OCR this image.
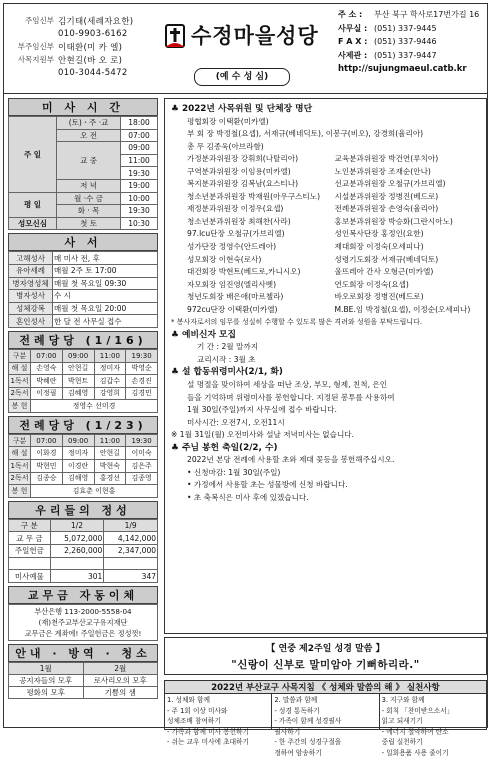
주임신부 김기태(세례자요한)
010-9903-6162
부주임신부 이태환(미 카 엘)
사목지원부 안현길(바 오 로)
010-3044-5472
수정마을성당
(예 수 성 심)
주 소 :	부산 북구 학사로17번가길 16
사무실 : (051) 337-9445
F A X : (051) 337-9446
사제관 : (051) 337-9447
http://sujungmaeul.catb.kr
미 사 시 간
주 일	(토)ㆍ주 ·교	18:00
	오 전	07:00
	교 중	09:00
		11:00
		19:30
	저 녁	19:00
평 일	월 ·수 금	10:00
	화 · 목	19:30
성모신심	첫 토	10:30
사 서
고해성사	매 미사 전, 후
유아세례	매월 2주 토 17:00
병자영성체	매월 첫 목요일 09:30
병자성사	수 시
성체강복	매월 첫 목요일 20:00
혼인성사	한 달 전 사무실 접수
전례당당 (1/16)
구분	07:00	09:00	11:00	19:30
해 설	손영숙	안현길	정미자	박영순
1독서	박혜란	박현트	김갑수	손경진
2독서	이정필	김혜영	강영희	김경민
봉 헌	정영수 선미경			
전례당당 (1/23)
구분	07:00	09:00	11:00	19:30
해 설	이화경	정미자	안현길	이미숙
1독서	박현민	이경란	박현숙	김은주
2독서	김종승	김해영	홍경선	김종영
봉 헌	김효춘 이현홍			
우리들의 정성
구 분	1/2	1/9
교 무 금	5,072,000	4,142,000
주일헌금	2,260,000	2,347,000

미사예물	301	347
교무금 자동이체
부산은행 113-2000-5558-04
(재)천주교부산교구유지재단
교무금은 계좌에! 주일헌금은 정성껏!
안내 · 방역 · 청소
1월	2월
공지자들의 모후	로사리오의 모후
평화의 모후	기쁨의 샘
♣ 2022년 사목위원 및 단체장 명단
평협회장 이택환(미카엘)
부 회 장 박정철(요셉), 서재규(베네딕토), 이봉구(비오), 강경희(율리아)
총 무 김종욱(아브라함)
가정분과위원장 강휘희(나탈리아)	교육분과위원장 박건연(루치아)
구역분과위원장 이임용(미카엘)	노인분과위원장 조재순(안나)
복지분과위원장 김복남(요스티나)	선교분과위원장 오철규(가브리엘)
청소년분과위원장 박재원(아우구스티노)	시설분과위원장 정병진(베드로)
재정분과위원장 이정우(요셉)	전례분과위원장 손영숙(율리아)
청소년분과위원장 최해찬(사라)	홍보분과위원장 박승화(그란시아노)
97.lcu단장 오철규(가브리엘)	성인복사단장 홍정인(요한)
성가단장 정영수(안드레아)	제대회장 이정숙(오세피나)
성모회장 이현숙(로사)	성령기도회장 서재규(베네딕토)
대건회장 박현트(베드로,카니시오)	울뜨레아 간사 오형근(미카엘)
자모회장 임진영(엘리사벳)	연도회장 이정숙(요셉)
청년도회장 배은애(마르첼라)	바오로회장 정병진(베드로)
972cu단장 이택환(미카엘)	M.BE.임 박정철(요셉), 이정순(오세피나)
* 봉사자로서의 임무를 성실히 수행할 수 있도록 많은 격려와 성원을 부탁드립니다.
♣ 예비신자 모집
기 간 : 2월 말까지
교리시작 : 3월 초
♣ 설 합동위령미사(2/1, 화)
설 명절을 맞이하여 세상을 떠난 조상, 부모, 형제, 친척, 은인
들을 기억하며 위령미사를 봉헌합니다. 지정된 봉투를 사용하여
1월 30일(주일)까지 사무실에 접수 바랍니다.
미사시간: 오전7시, 오전11시
※ 1월 31일(월) 오전미사와 설날 저녁미사는 없습니다.
♣ 주님 봉헌 축일(2/2, 수)
2022년 본당 전례에 사용할 초와 제대 꽃등을 봉헌해주십시오.
• 신청마감: 1월 30일(주일)
• 가정에서 사용할 초는 성물방에 신청 바랍니다.
• 초 축복식은 미사 후에 있겠습니다.
【 연중 제2주일 성경 말씀 】
"신랑이 신부로 말미암아 기뻐하리라."
2022년 부산교구 사목지침 《 성체와 말씀의 해 》 실천사항
1. 성체와 함께
- 주 1회 이상 미사와
성체조배 참여하기
- 가족과 함께 미사 봉헌하기
- 쉬는 교우 미사에 초대하기
2. 말씀과 함께
- 성경 통독하기
- 가족이 함께 성경필사
필사하기
- 한 주간의 성경구절을
정하여 암송하기
3. 지구와 함께
- 회칙 「찬미받으소서」
읽고 되새기기
- 에너지 절약하여 탄소
중립 실천하기
- 일회용품 사용 줄이기
